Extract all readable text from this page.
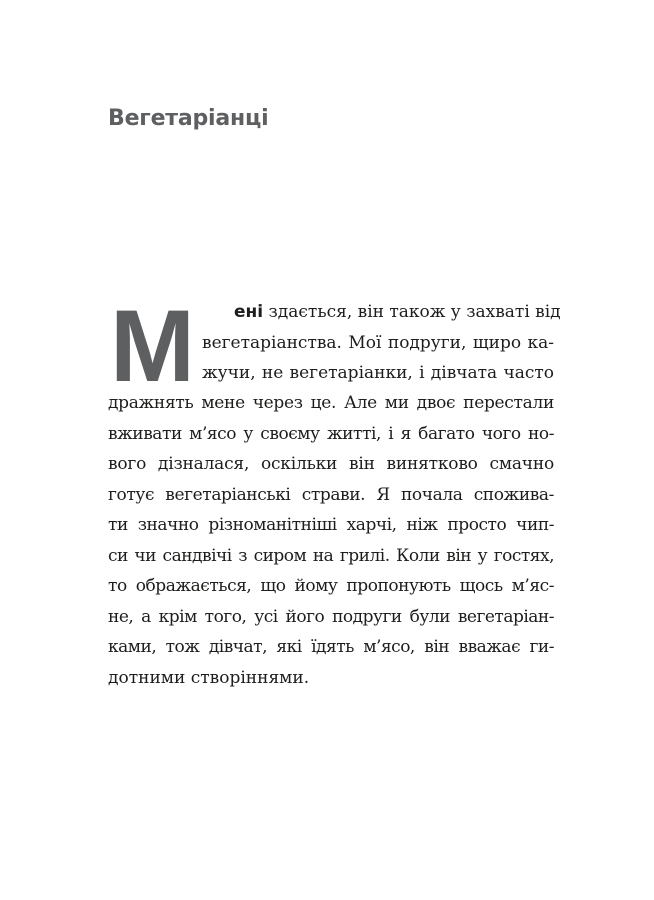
Вегетаріанці
М	ені здається, він також у захваті від

вегетаріанства. Мої подруги, щиро ка-

жучи, не вегетаріанки, і дівчата часто

дражнять мене через це. Але ми двоє перестали

вживати м’ясо у своєму житті, і я багато чого но-

вого дізналася, оскільки він винятково смачно

готує вегетаріанські страви. Я почала спожива-

ти значно різноманітніші харчі, ніж просто чип-

си чи сандвічі з сиром на грилі. Коли він у гостях,

то ображається, що йому пропонують щось м’яс-

не, а крім того, усі його подруги були вегетаріан-

ками, тож дівчат, які їдять м’ясо, він вважає ги-

дотними створіннями.
